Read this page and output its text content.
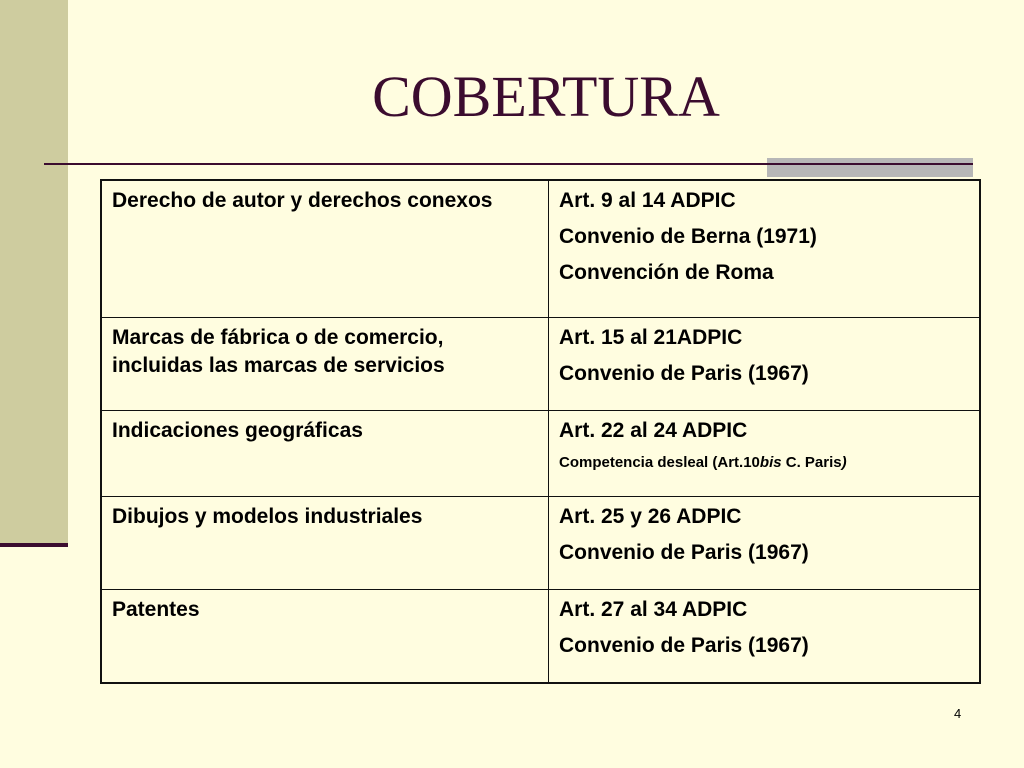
COBERTURA
Derecho de autor y derechos conexos	Art. 9 al 14 ADPIC
Convenio de Berna (1971)
Convención de Roma

Marcas de fábrica o de comercio, incluidas las marcas de servicios	Art. 15 al 21ADPIC
Convenio de Paris (1967)

Indicaciones geográficas	Art. 22 al 24 ADPIC
Competencia desleal (Art.10bis C. Paris)

Dibujos y modelos industriales	Art. 25 y 26 ADPIC
Convenio de Paris (1967)

Patentes	Art. 27 al 34 ADPIC
Convenio de Paris (1967)
4
